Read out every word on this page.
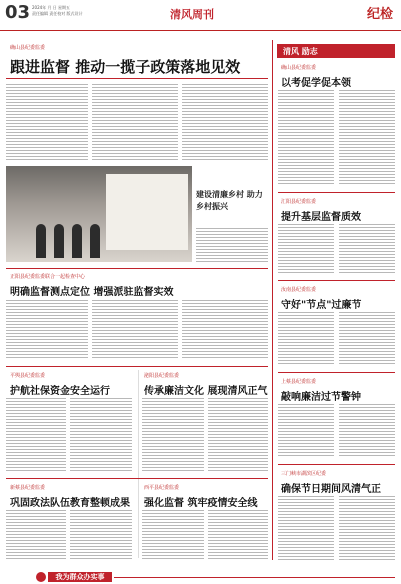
03 2024年 月 日 星期五
责任编辑 责任校对 版式设计	清风周刊	纪检
确山县纪委监委
跟进监督 推动一揽子政策落地见效
建设清廉乡村 助力乡村振兴
清风 励志
确山县纪委监委
以考促学促本领
汇阳县纪委监委
提升基层监督质效
汝南县纪委监委
守好"节点"过廉节
上蔡县纪委监委
敲响廉洁过节警钟
三门峡市湖滨区纪委
确保节日期间风清气正
正阳县纪委监委联合一起检查中心
明确监督测点定位 增强派驻监督实效
平舆县纪委监委
护航社保资金安全运行
泌阳县纪委监委
传承廉洁文化 展现清风正气
新蔡县纪委监委
巩固政法队伍教育整顿成果
西平县纪委监委
强化监督 筑牢疫情安全线
我为群众办实事
